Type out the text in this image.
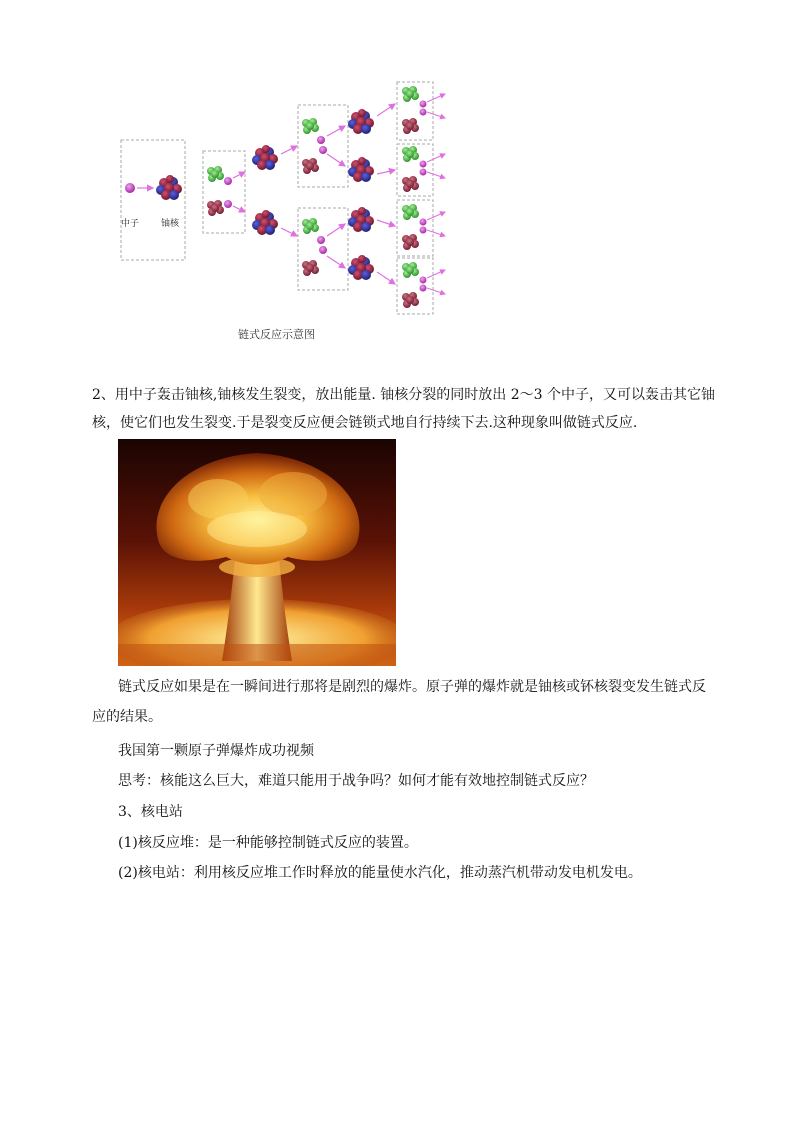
中子 铀核
链式反应示意图
2、用中子轰击铀核,铀核发生裂变，放出能量. 铀核分裂的同时放出 2～3 个中子，又可以轰击其它铀
核，使它们也发生裂变.于是裂变反应便会链锁式地自行持续下去.这种现象叫做链式反应.
链式反应如果是在一瞬间进行那将是剧烈的爆炸。原子弹的爆炸就是铀核或钚核裂变发生链式反
应的结果。
我国第一颗原子弹爆炸成功视频
思考：核能这么巨大，难道只能用于战争吗？如何才能有效地控制链式反应？
3、核电站
(1)核反应堆：是一种能够控制链式反应的装置。
(2)核电站：利用核反应堆工作时释放的能量使水汽化，推动蒸汽机带动发电机发电。
